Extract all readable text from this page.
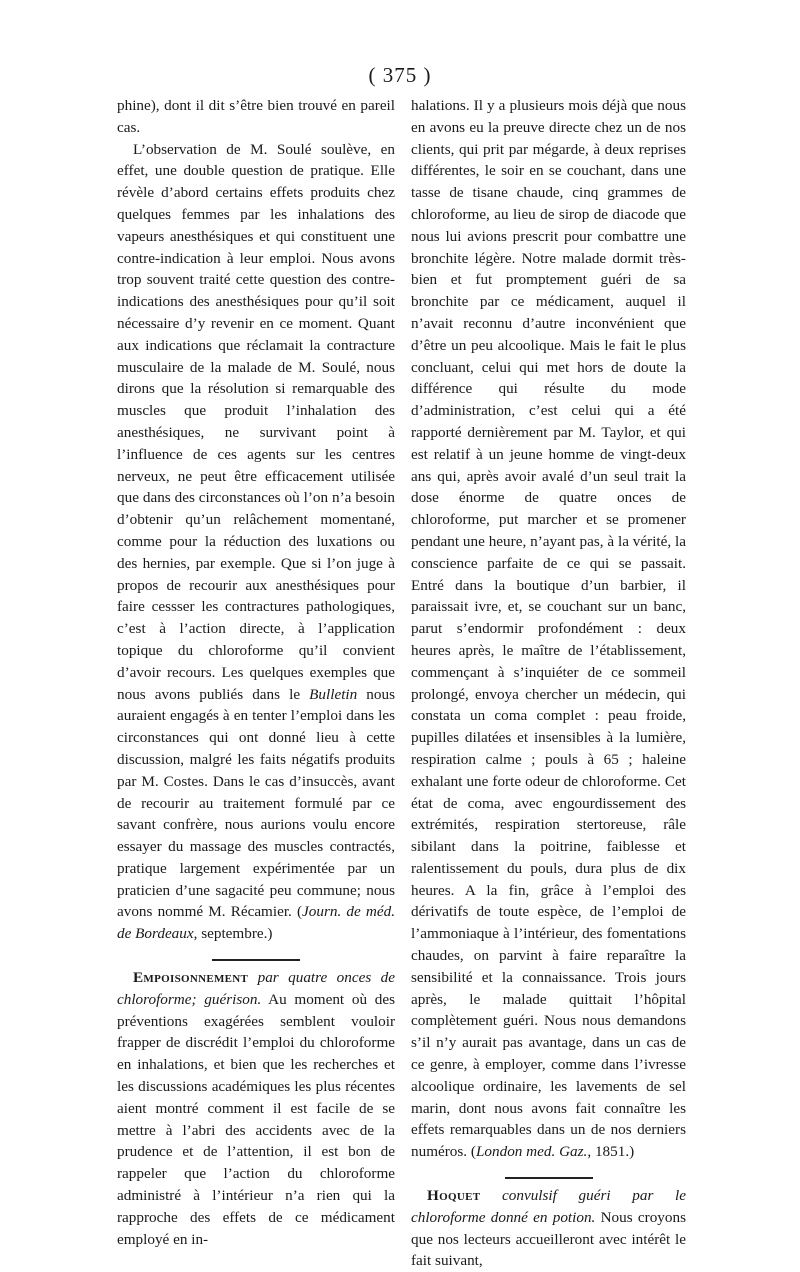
( 375 )

phine), dont il dit s’être bien trouvé en pareil cas.

L’observation de M. Soulé soulève, en effet, une double question de pratique. Elle révèle d’abord certains effets produits chez quelques femmes par les inhalations des vapeurs anesthésiques et qui constituent une contre-indication à leur emploi. Nous avons trop souvent traité cette question des contre-indications des anesthésiques pour qu’il soit nécessaire d’y revenir en ce moment. Quant aux indications que réclamait la contracture musculaire de la malade de M. Soulé, nous dirons que la résolution si remarquable des muscles que produit l’inhalation des anesthésiques, ne survivant point à l’influence de ces agents sur les centres nerveux, ne peut être efficacement utilisée que dans des circonstances où l’on n’a besoin d’obtenir qu’un relâchement momentané, comme pour la réduction des luxations ou des hernies, par exemple. Que si l’on juge à propos de recourir aux anesthésiques pour faire cessser les contractures pathologiques, c’est à l’action directe, à l’application topique du chloroforme qu’il convient d’avoir recours. Les quelques exemples que nous avons publiés dans le Bulletin nous auraient engagés à en tenter l’emploi dans les circonstances qui ont donné lieu à cette discussion, malgré les faits négatifs produits par M. Costes. Dans le cas d’insuccès, avant de recourir au traitement formulé par ce savant confrère, nous aurions voulu encore essayer du massage des muscles contractés, pratique largement expérimentée par un praticien d’une sagacité peu commune; nous avons nommé M. Récamier. (Journ. de méd. de Bordeaux, septembre.)

Empoisonnement par quatre onces de chloroforme; guérison. Au moment où des préventions exagérées semblent vouloir frapper de discrédit l’emploi du chloroforme en inhalations, et bien que les recherches et les discussions académiques les plus récentes aient montré comment il est facile de se mettre à l’abri des accidents avec de la prudence et de l’attention, il est bon de rappeler que l’action du chloroforme administré à l’intérieur n’a rien qui la rapproche des effets de ce médicament employé en in-

halations. Il y a plusieurs mois déjà que nous en avons eu la preuve directe chez un de nos clients, qui prit par mégarde, à deux reprises différentes, le soir en se couchant, dans une tasse de tisane chaude, cinq grammes de chloroforme, au lieu de sirop de diacode que nous lui avions prescrit pour combattre une bronchite légère. Notre malade dormit très-bien et fut promptement guéri de sa bronchite par ce médicament, auquel il n’avait reconnu d’autre inconvénient que d’être un peu alcoolique. Mais le fait le plus concluant, celui qui met hors de doute la différence qui résulte du mode d’administration, c’est celui qui a été rapporté dernièrement par M. Taylor, et qui est relatif à un jeune homme de vingt-deux ans qui, après avoir avalé d’un seul trait la dose énorme de quatre onces de chloroforme, put marcher et se promener pendant une heure, n’ayant pas, à la vérité, la conscience parfaite de ce qui se passait. Entré dans la boutique d’un barbier, il paraissait ivre, et, se couchant sur un banc, parut s’endormir profondément : deux heures après, le maître de l’établissement, commençant à s’inquiéter de ce sommeil prolongé, envoya chercher un médecin, qui constata un coma complet : peau froide, pupilles dilatées et insensibles à la lumière, respiration calme ; pouls à 65 ; haleine exhalant une forte odeur de chloroforme. Cet état de coma, avec engourdissement des extrémités, respiration stertoreuse, râle sibilant dans la poitrine, faiblesse et ralentissement du pouls, dura plus de dix heures. A la fin, grâce à l’emploi des dérivatifs de toute espèce, de l’emploi de l’ammoniaque à l’intérieur, des fomentations chaudes, on parvint à faire reparaître la sensibilité et la connaissance. Trois jours après, le malade quittait l’hôpital complètement guéri. Nous nous demandons s’il n’y aurait pas avantage, dans un cas de ce genre, à employer, comme dans l’ivresse alcoolique ordinaire, les lavements de sel marin, dont nous avons fait connaître les effets remarquables dans un de nos derniers numéros. (London med. Gaz., 1851.)

Hoquet convulsif guéri par le chloroforme donné en potion. Nous croyons que nos lecteurs accueilleront avec intérêt le fait suivant,
